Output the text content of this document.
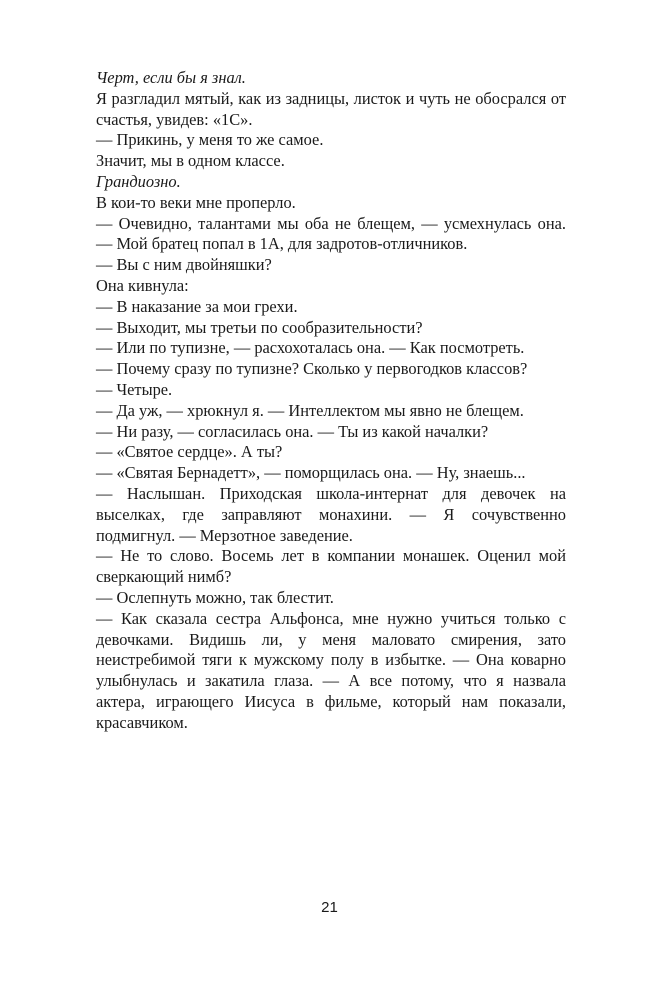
Черт, если бы я знал.

Я разгладил мятый, как из задницы, листок и чуть не обосрался от счастья, увидев: «1С».

— Прикинь, у меня то же самое.

Значит, мы в одном классе.

Грандиозно.

В кои-то веки мне проперло.

— Очевидно, талантами мы оба не блещем, — усмехнулась она. — Мой братец попал в 1А, для задротов-отличников.

— Вы с ним двойняшки?

Она кивнула:

— В наказание за мои грехи.

— Выходит, мы третьи по сообразительности?

— Или по тупизне, — расхохоталась она. — Как посмотреть.

— Почему сразу по тупизне? Сколько у первогодков классов?

— Четыре.

— Да уж, — хрюкнул я. — Интеллектом мы явно не блещем.

— Ни разу, — согласилась она. — Ты из какой началки?

— «Святое сердце». А ты?

— «Святая Бернадетт», — поморщилась она. — Ну, знаешь...

— Наслышан. Приходская школа-интернат для девочек на выселках, где заправляют монахини. — Я сочувственно подмигнул. — Мерзотное заведение.

— Не то слово. Восемь лет в компании монашек. Оценил мой сверкающий нимб?

— Ослепнуть можно, так блестит.

— Как сказала сестра Альфонса, мне нужно учиться только с девочками. Видишь ли, у меня маловато смирения, зато неистребимой тяги к мужскому полу в избытке. — Она коварно улыбнулась и закатила глаза. — А все потому, что я назвала актера, играющего Иисуса в фильме, который нам показали, красавчиком.

21
